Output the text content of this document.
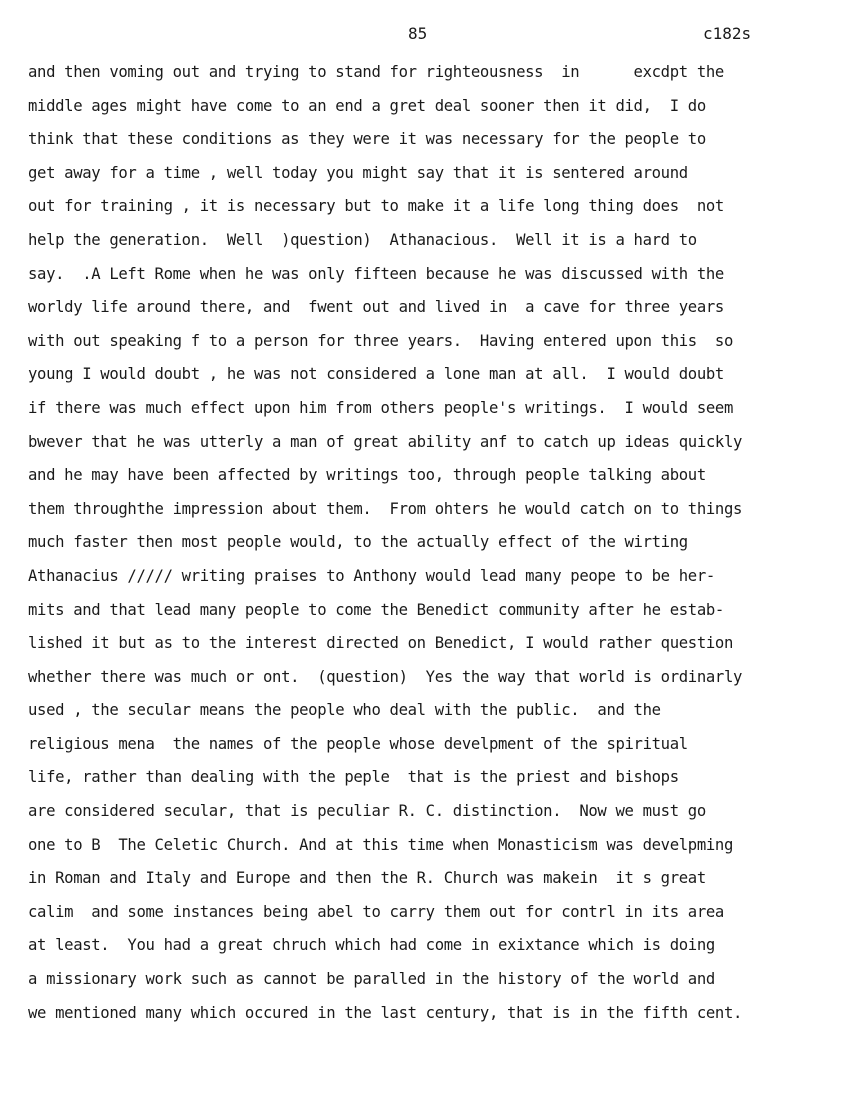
85	c182s
and then voming out and trying to stand for righteousness  in      excdpt the
middle ages might have come to an end a gret deal sooner then it did,  I do
think that these conditions as they were it was necessary for the people to
get away for a time , well today you might say that it is sentered around
out for training , it is necessary but to make it a life long thing does  not
help the generation.  Well  )question)  Athanacious.  Well it is a hard to
say.  .A Left Rome when he was only fifteen because he was discussed with the
worldy life around there, and  fwent out and lived in  a cave for three years
with out speaking f to a person for three years.  Having entered upon this  so
young I would doubt , he was not considered a lone man at all.  I would doubt
if there was much effect upon him from others people's writings.  I would seem
bwever that he was utterly a man of great ability anf to catch up ideas quickly
and he may have been affected by writings too, through people talking about
them throughthe impression about them.  From ohters he would catch on to things
much faster then most people would, to the actually effect of the wirting
Athanacius ///// writing praises to Anthony would lead many peope to be her-
mits and that lead many people to come the Benedict community after he estab-
lished it but as to the interest directed on Benedict, I would rather question
whether there was much or ont.  (question)  Yes the way that world is ordinarly
used , the secular means the people who deal with the public.  and the
religious mena  the names of the people whose develpment of the spiritual
life, rather than dealing with the peple  that is the priest and bishops
are considered secular, that is peculiar R. C. distinction.  Now we must go
one to B  The Celetic Church. And at this time when Monasticism was develpming
in Roman and Italy and Europe and then the R. Church was makein  it s great
calim  and some instances being abel to carry them out for contrl in its area
at least.  You had a great chruch which had come in exixtance which is doing
a missionary work such as cannot be paralled in the history of the world and
we mentioned many which occured in the last century, that is in the fifth cent.
